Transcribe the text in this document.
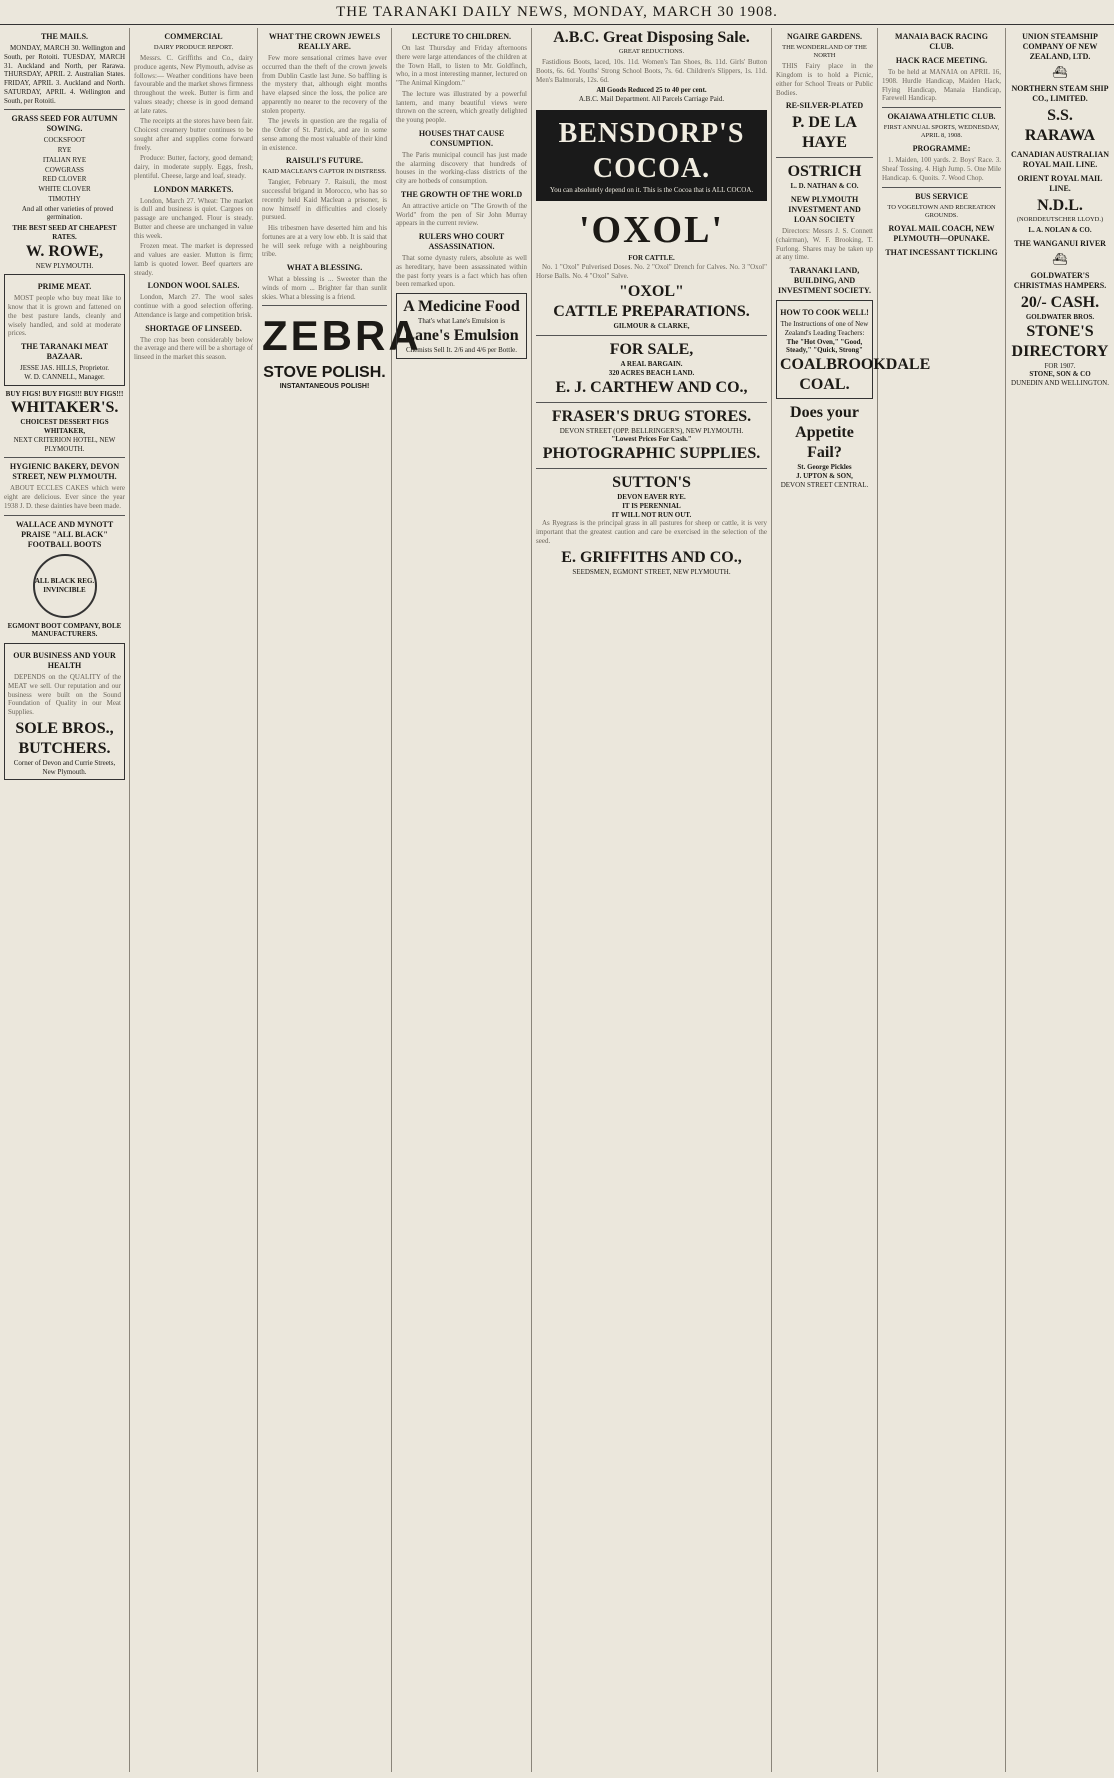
THE TARANAKI DAILY NEWS, MONDAY, MARCH 30 1908.
THE MAILS.

MONDAY, MARCH 30. Wellington and South, per Rotoiti. TUESDAY, MARCH 31. Auckland and North, per Rarawa. THURSDAY, APRIL 2. Australian States. FRIDAY, APRIL 3. Auckland and North. SATURDAY, APRIL 4. Wellington and South, per Rotoiti.

GRASS SEED FOR AUTUMN SOWING.
COCKSFOOT
RYE
ITALIAN RYE
COWGRASS
RED CLOVER
WHITE CLOVER
TIMOTHY

And all other varieties of proved germination.

THE BEST SEED AT CHEAPEST RATES.
W. ROWE,
NEW PLYMOUTH.
PRIME MEAT.

MOST people who buy meat like to know that it is grown and fattened on the best pasture lands, cleanly and wisely handled, and sold at moderate prices.

THE TARANAKI MEAT BAZAAR.
JESSE JAS. HILLS, Proprietor.
W. D. CANNELL, Manager.
BUY FIGS! BUY FIGS!!! BUY FIGS!!!
WHITAKER'S.
CHOICEST DESSERT FIGS
WHITAKER,
NEXT CRITERION HOTEL, NEW PLYMOUTH.
HYGIENIC BAKERY, DEVON STREET, NEW PLYMOUTH.

ABOUT ECCLES CAKES which were eight are delicious. Ever since the year 1938 J. D. these dainties have been made.

WALLACE AND MYNOTT PRAISE "ALL BLACK" FOOTBALL BOOTS
ALL BLACK REG. INVINCIBLE
EGMONT BOOT COMPANY, BOLE MANUFACTURERS.
OUR BUSINESS AND YOUR HEALTH

DEPENDS on the QUALITY of the MEAT we sell. Our reputation and our business were built on the Sound Foundation of Quality in our Meat Supplies.

SOLE BROS., BUTCHERS.
Corner of Devon and Currie Streets, New Plymouth.
COMMERCIAL
DAIRY PRODUCE REPORT.

Messrs. C. Griffiths and Co., dairy produce agents, New Plymouth, advise as follows:— Weather conditions have been favourable and the market shows firmness throughout the week. Butter is firm and values steady; cheese is in good demand at late rates.

The receipts at the stores have been fair. Choicest creamery butter continues to be sought after and supplies come forward freely.

Produce: Butter, factory, good demand; dairy, in moderate supply. Eggs, fresh, plentiful. Cheese, large and loaf, steady.

LONDON MARKETS.

London, March 27. Wheat: The market is dull and business is quiet. Cargoes on passage are unchanged. Flour is steady. Butter and cheese are unchanged in value this week.

Frozen meat. The market is depressed and values are easier. Mutton is firm; lamb is quoted lower. Beef quarters are steady.

LONDON WOOL SALES.

London, March 27. The wool sales continue with a good selection offering. Attendance is large and competition brisk.

SHORTAGE OF LINSEED.

The crop has been considerably below the average and there will be a shortage of linseed in the market this season.

WHAT THE CROWN JEWELS REALLY ARE.

Few more sensational crimes have ever occurred than the theft of the crown jewels from Dublin Castle last June. So baffling is the mystery that, although eight months have elapsed since the loss, the police are apparently no nearer to the recovery of the stolen property.

The jewels in question are the regalia of the Order of St. Patrick, and are in some sense among the most valuable of their kind in existence.

RAISULI'S FUTURE.
KAID MACLEAN'S CAPTOR IN DISTRESS.

Tangier, February 7. Raisuli, the most successful brigand in Morocco, who has so recently held Kaid Maclean a prisoner, is now himself in difficulties and closely pursued.

His tribesmen have deserted him and his fortunes are at a very low ebb. It is said that he will seek refuge with a neighbouring tribe.

WHAT A BLESSING.

What a blessing is ... Sweeter than the winds of morn ... Brighter far than sunlit skies. What a blessing is a friend.

ZEBRA
STOVE POLISH.
INSTANTANEOUS POLISH!
LECTURE TO CHILDREN.

On last Thursday and Friday afternoons there were large attendances of the children at the Town Hall, to listen to Mr. Goldfinch, who, in a most interesting manner, lectured on "The Animal Kingdom."

The lecture was illustrated by a powerful lantern, and many beautiful views were thrown on the screen, which greatly delighted the young people.

HOUSES THAT CAUSE CONSUMPTION.

The Paris municipal council has just made the alarming discovery that hundreds of houses in the working-class districts of the city are hotbeds of consumption.

THE GROWTH OF THE WORLD

An attractive article on "The Growth of the World" from the pen of Sir John Murray appears in the current review.

RULERS WHO COURT ASSASSINATION.

That some dynasty rulers, absolute as well as hereditary, have been assassinated within the past forty years is a fact which has often been remarked upon.

A Medicine Food
That's what Lane's Emulsion is
Lane's Emulsion
Chemists Sell It. 2/6 and 4/6 per Bottle.
A.B.C. Great Disposing Sale.
GREAT REDUCTIONS.

Fastidious Boots, laced, 10s. 11d. Women's Tan Shoes, 8s. 11d. Girls' Button Boots, 6s. 6d. Youths' Strong School Boots, 7s. 6d. Children's Slippers, 1s. 11d. Men's Balmorals, 12s. 6d.

All Goods Reduced 25 to 40 per cent.
A.B.C. Mail Department. All Parcels Carriage Paid.
BENSDORP'S COCOA.
You can absolutely depend on it. This is the Cocoa that is ALL COCOA.
'OXOL'
FOR CATTLE.

No. 1 "Oxol" Pulverised Doses. No. 2 "Oxol" Drench for Calves. No. 3 "Oxol" Horse Balls. No. 4 "Oxol" Salve.

"OXOL"
CATTLE PREPARATIONS.
GILMOUR & CLARKE,
FOR SALE,
A REAL BARGAIN.
320 ACRES BEACH LAND.
E. J. CARTHEW AND CO.,
FRASER'S DRUG STORES.
DEVON STREET (OPP. BELLRINGER'S), NEW PLYMOUTH.
"Lowest Prices For Cash."
PHOTOGRAPHIC SUPPLIES.
SUTTON'S
DEVON EAVER RYE.
IT IS PERENNIAL
IT WILL NOT RUN OUT.

As Ryegrass is the principal grass in all pastures for sheep or cattle, it is very important that the greatest caution and care be exercised in the selection of the seed.

E. GRIFFITHS AND CO.,
SEEDSMEN, EGMONT STREET, NEW PLYMOUTH.
NGAIRE GARDENS.
THE WONDERLAND OF THE NORTH

THIS Fairy place in the Kingdom is to hold a Picnic, either for School Treats or Public Bodies.

RE-SILVER-PLATED
P. DE LA HAYE
OSTRICH
L. D. NATHAN & CO.
NEW PLYMOUTH INVESTMENT AND LOAN SOCIETY

Directors: Messrs J. S. Connett (chairman), W. F. Brooking, T. Furlong. Shares may be taken up at any time.

TARANAKI LAND, BUILDING, AND INVESTMENT SOCIETY.
HOW TO COOK WELL!
The Instructions of one of New Zealand's Leading Teachers:
The "Hot Oven," "Good, Steady," "Quick, Strong"
COALBROOKDALE COAL.
Does your Appetite Fail?
St. George Pickles
J. UPTON & SON,
DEVON STREET CENTRAL.
MANAIA BACK RACING CLUB.
HACK RACE MEETING.

To be held at MANAIA on APRIL 16, 1908. Hurdle Handicap, Maiden Hack, Flying Handicap, Manaia Handicap, Farewell Handicap.

OKAIAWA ATHLETIC CLUB.
FIRST ANNUAL SPORTS, WEDNESDAY, APRIL 8, 1908.
PROGRAMME:

1. Maiden, 100 yards. 2. Boys' Race. 3. Sheaf Tossing. 4. High Jump. 5. One Mile Handicap. 6. Quoits. 7. Wood Chop.

BUS SERVICE
TO VOGELTOWN AND RECREATION GROUNDS.
ROYAL MAIL COACH, NEW PLYMOUTH—OPUNAKE.
THAT INCESSANT TICKLING
UNION STEAMSHIP COMPANY OF NEW ZEALAND, LTD.
⛴
NORTHERN STEAM SHIP CO., LIMITED.
S.S. RARAWA
CANADIAN AUSTRALIAN ROYAL MAIL LINE.
ORIENT ROYAL MAIL LINE.
N.D.L.
(NORDDEUTSCHER LLOYD.)
L. A. NOLAN & CO.
THE WANGANUI RIVER
⛴
GOLDWATER'S CHRISTMAS HAMPERS.
20/- CASH.
GOLDWATER BROS.
STONE'S DIRECTORY
FOR 1907.
STONE, SON & CO
DUNEDIN AND WELLINGTON.
